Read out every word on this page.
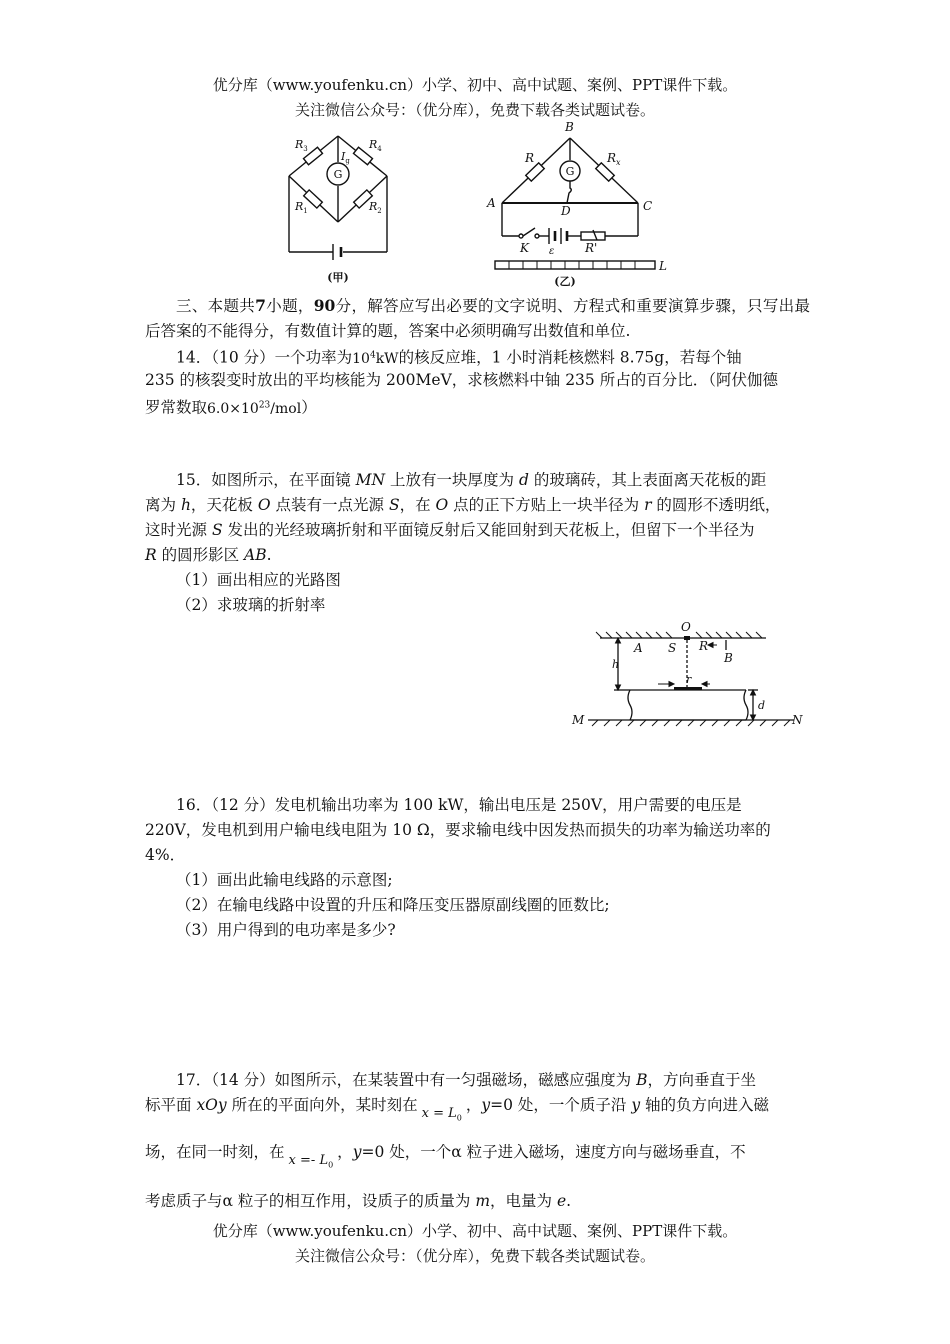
优分库（www.youfenku.cn）小学、初中、高中试题、案例、PPT课件下载。
关注微信公众号：（优分库），免费下载各类试题试卷。
$R_3$	$R_4$
$R_1$	$R_2$
$I_g$
G
(甲)
B
A	C
D
R	$R_x$
K ε	R'
L
G
(乙)
三、本题共7小题，90分，解答应写出必要的文字说明、方程式和重要演算步骤，只写出最后答案的不能得分，有数值计算的题，答案中必须明确写出数值和单位.
14．（10 分）一个功率为$10^4kW$的核反应堆，1 小时消耗核燃料 8.75g，若每个铀
235 的核裂变时放出的平均核能为 200MeV，求核燃料中铀 235 所占的百分比．（阿伏伽德
罗常数取$6.0\times 10^{23}/mol$）
15．如图所示，在平面镜 MN 上放有一块厚度为 d 的玻璃砖，其上表面离天花板的距
离为 h，天花板 O 点装有一点光源 S，在 O 点的正下方贴上一块半径为 r 的圆形不透明纸，
这时光源 S 发出的光经玻璃折射和平面镜反射后又能回射到天花板上，但留下一个半径为
R 的圆形影区 AB.
（1）画出相应的光路图
（2）求玻璃的折射率
O
A S R
B
h
r
d
M	N
16．（12 分）发电机输出功率为 100 kW，输出电压是 250V，用户需要的电压是
220V，发电机到用户输电线电阻为 10 Ω，要求输电线中因发热而损失的功率为输送功率的
4%．
（1）画出此输电线路的示意图;
（2）在输电线路中设置的升压和降压变压器原副线圈的匝数比;
（3）用户得到的电功率是多少?
17．（14 分）如图所示，在某装置中有一匀强磁场，磁感应强度为 B，方向垂直于坐
标平面 xOy 所在的平面向外，某时刻在 $_{x = L_0}$，y=0 处，一个质子沿 y 轴的负方向进入磁
场，在同一时刻，在 $_{x =- L_0}$，y=0 处，一个α 粒子进入磁场，速度方向与磁场垂直，不
考虑质子与α 粒子的相互作用，设质子的质量为 m，电量为 e.
优分库（www.youfenku.cn）小学、初中、高中试题、案例、PPT课件下载。
关注微信公众号：（优分库），免费下载各类试题试卷。
